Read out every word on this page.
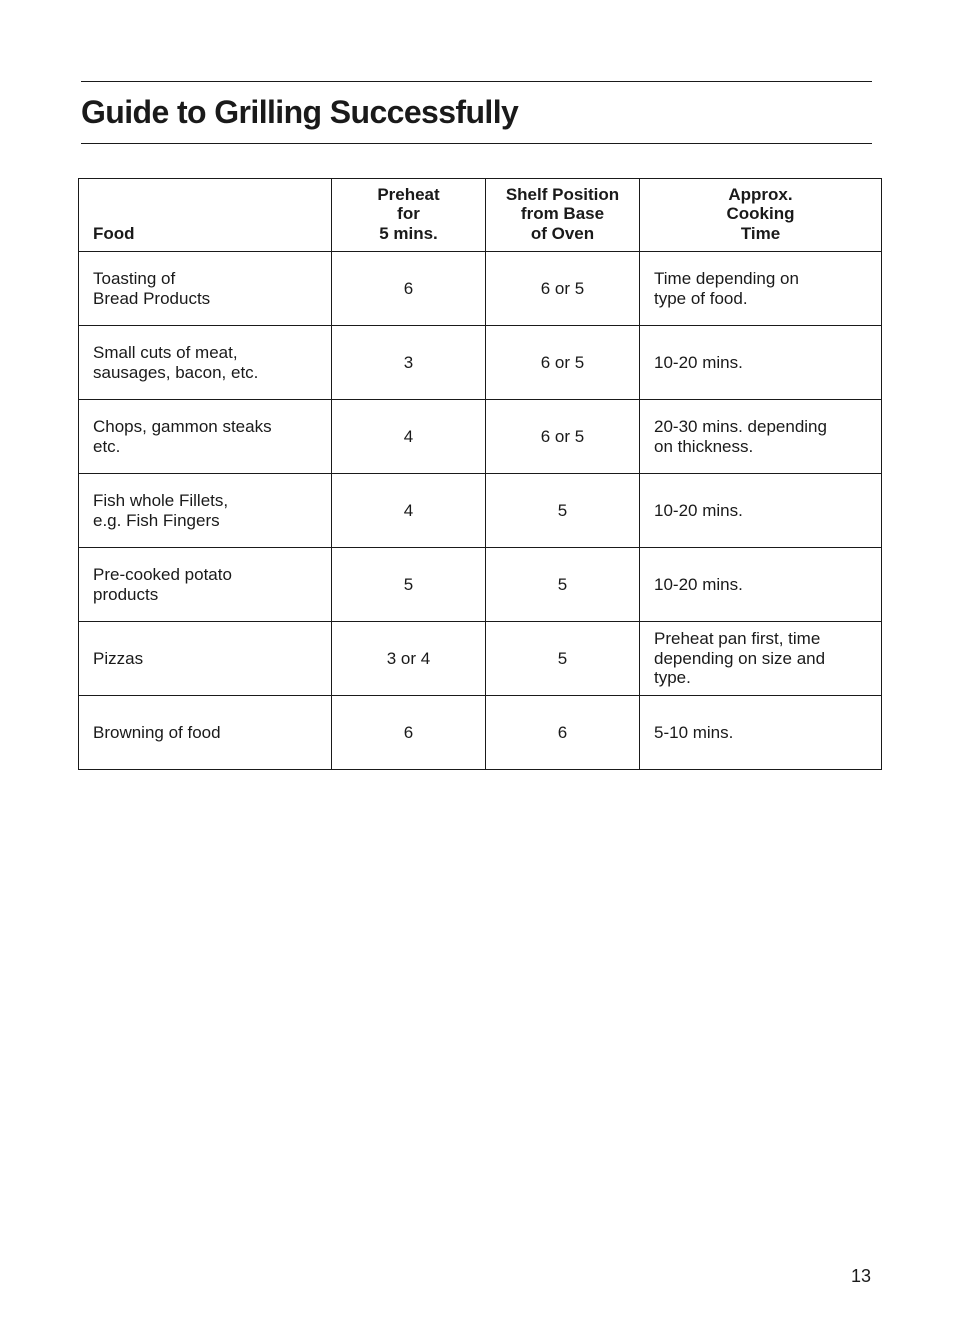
Guide to Grilling Successfully
Food	Preheat
for
5 mins.	Shelf Position
from Base
of Oven	Approx.
Cooking
Time

Toasting of
Bread Products	6	6 or 5	Time depending on
type of food.

Small cuts of meat,
sausages, bacon, etc.	3	6 or 5	10-20 mins.

Chops, gammon steaks
etc.	4	6 or 5	20-30 mins. depending
on thickness.

Fish whole Fillets,
e.g. Fish Fingers	4	5	10-20 mins.

Pre-cooked potato
products	5	5	10-20 mins.

Pizzas	3 or 4	5	Preheat pan first, time
depending on size and
type.

Browning of food	6	6	5-10 mins.
13
